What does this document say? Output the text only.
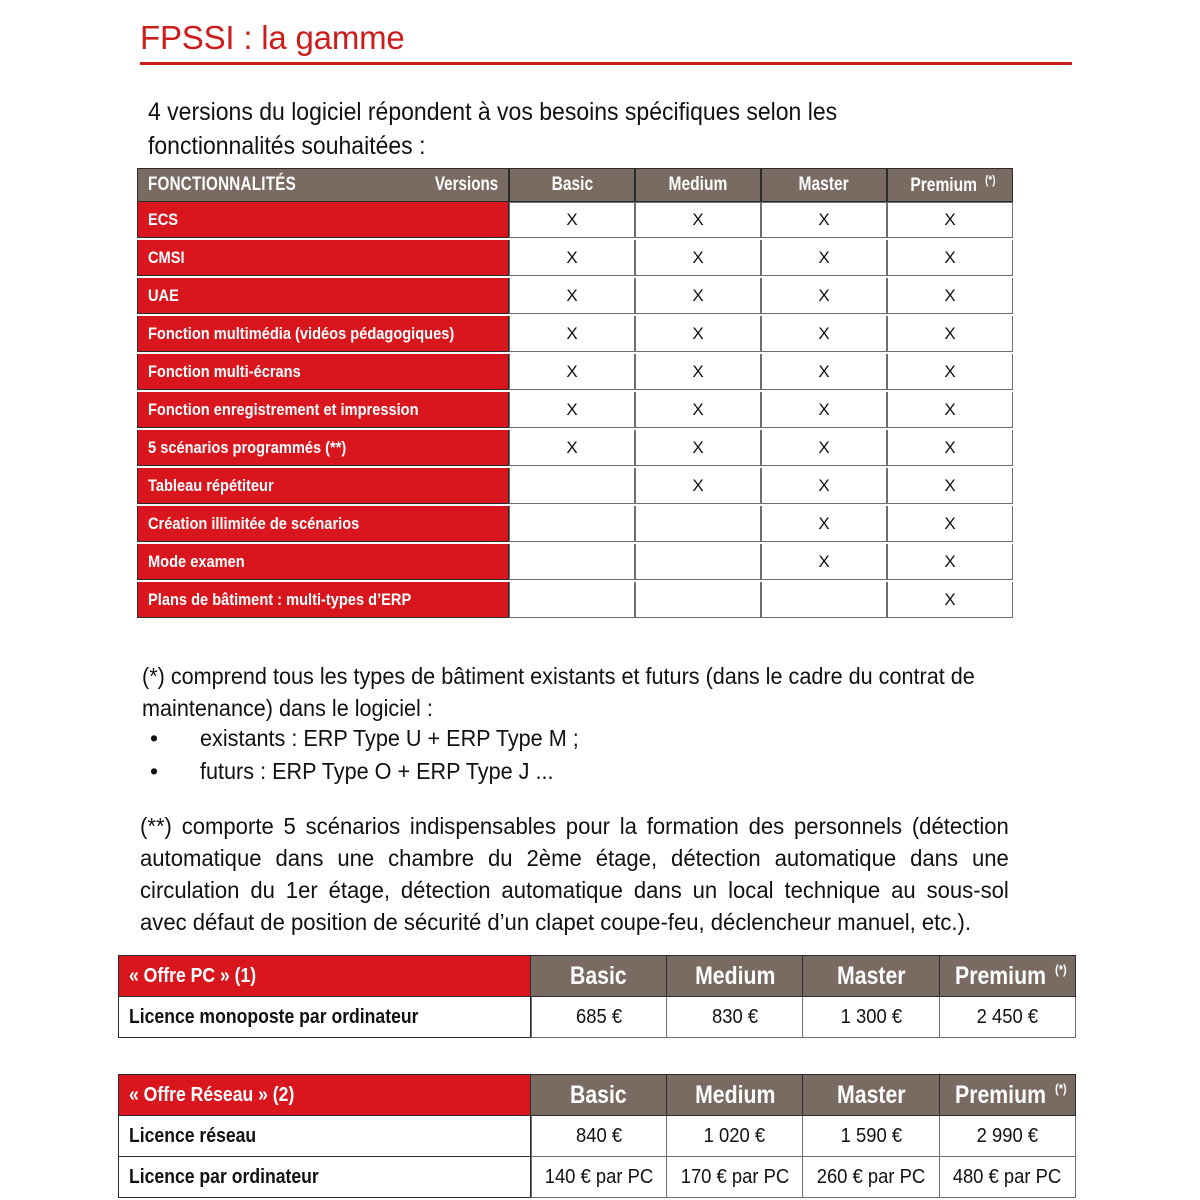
FPSSI : la gamme
4 versions du logiciel répondent à vos besoins spécifiques selon les fonctionnalités souhaitées :
FONCTIONNALITÉS Versions	Basic	Medium	Master	Premium (*)
ECS	X	X	X	X

CMSI	X	X	X	X

UAE	X	X	X	X

Fonction multimédia (vidéos pédagogiques)	X	X	X	X

Fonction multi-écrans	X	X	X	X

Fonction enregistrement et impression	X	X	X	X

5 scénarios programmés (**)	X	X	X	X

Tableau répétiteur		X	X	X

Création illimitée de scénarios			X	X

Mode examen			X	X

Plans de bâtiment : multi-types d’ERP				X
(*) comprend tous les types de bâtiment existants et futurs (dans le cadre du contrat de maintenance) dans le logiciel :
•	existants : ERP Type U + ERP Type M ;
•	futurs : ERP Type O + ERP Type J ...
(**) comporte 5 scénarios indispensables pour la formation des personnels (détection automatique dans une chambre du 2ème étage, détection automatique dans une circulation du 1er étage, détection automatique dans un local technique au sous-sol avec défaut de position de sécurité d’un clapet coupe-feu, déclencheur manuel, etc.).
« Offre PC » (1)	Basic	Medium	Master	Premium (*)
Licence monoposte par ordinateur	685 €	830 €	1 300 €	2 450 €
« Offre Réseau » (2)	Basic	Medium	Master	Premium (*)
Licence réseau	840 €	1 020 €	1 590 €	2 990 €
Licence par ordinateur	140 € par PC	170 € par PC	260 € par PC	480 € par PC
